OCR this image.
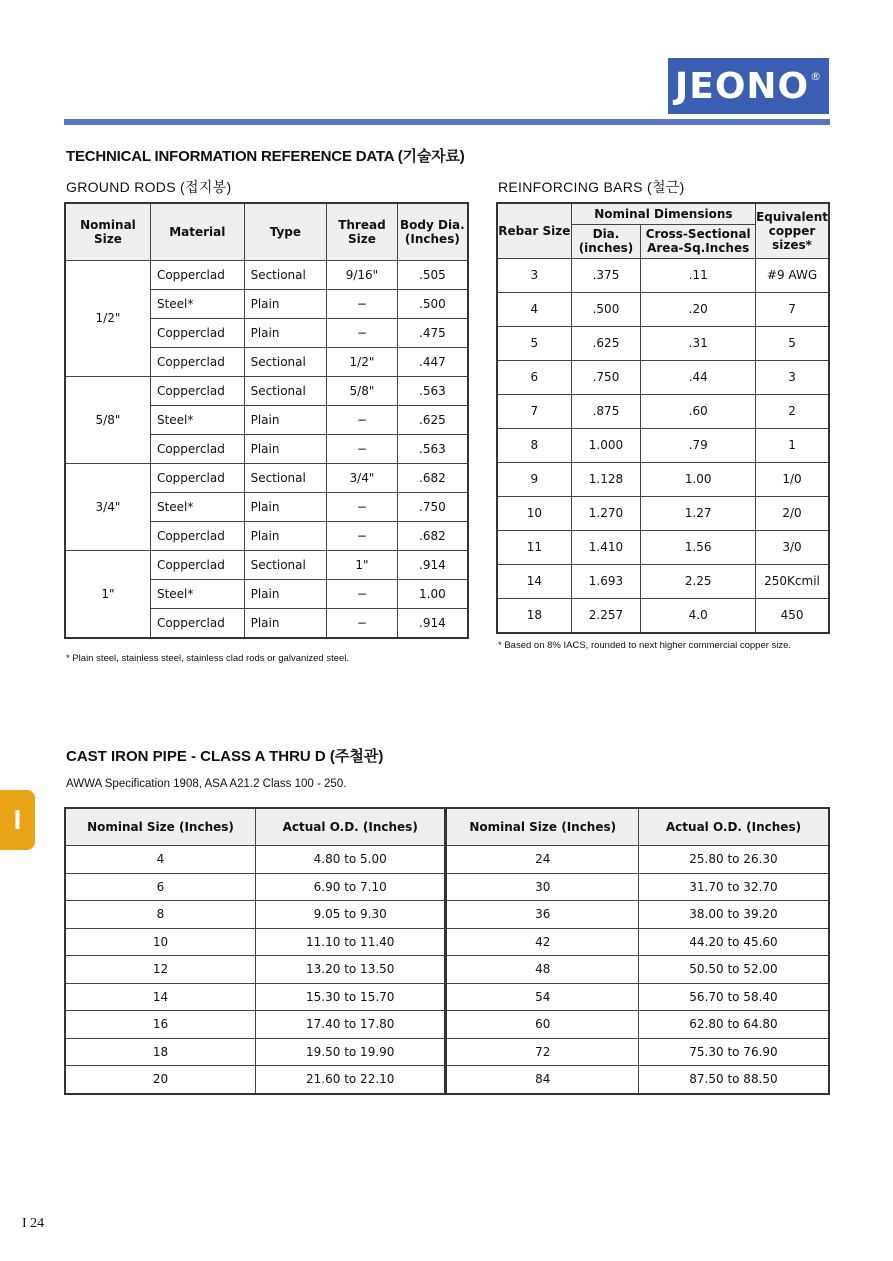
JEONO®
TECHNICAL INFORMATION REFERENCE DATA (기술자료)
GROUND RODS (접지봉)	REINFORCING BARS (철근)
Nominal Size	Material	Type	Thread Size	Body Dia. (Inches)
1/2"	Copperclad	Sectional	9/16"	.505
	Steel*	Plain	−	.500
	Copperclad	Plain	−	.475
	Copperclad	Sectional	1/2"	.447
5/8"	Copperclad	Sectional	5/8"	.563
	Steel*	Plain	−	.625
	Copperclad	Plain	−	.563
3/4"	Copperclad	Sectional	3/4"	.682
	Steel*	Plain	−	.750
	Copperclad	Plain	−	.682
1"	Copperclad	Sectional	1"	.914
	Steel*	Plain	−	1.00
	Copperclad	Plain	−	.914
* Plain steel, stainless steel, stainless clad rods or galvanized steel.
Rebar Size	Nominal Dimensions		Equivalent copper sizes*
	Dia. (inches)	Cross-Sectional Area-Sq.Inches	
3	.375	.11	#9 AWG
4	.500	.20	7
5	.625	.31	5
6	.750	.44	3
7	.875	.60	2
8	1.000	.79	1
9	1.128	1.00	1/0
10	1.270	1.27	2/0
11	1.410	1.56	3/0
14	1.693	2.25	250Kcmil
18	2.257	4.0	450
* Based on 8% IACS, rounded to next higher commercial copper size.
CAST IRON PIPE - CLASS A THRU D (주철관)
AWWA Specification 1908, ASA A21.2 Class 100 - 250.
Nominal Size (Inches)	Actual O.D. (Inches)	Nominal Size (Inches)	Actual O.D. (Inches)
4	4.80 to 5.00	24	25.80 to 26.30
6	6.90 to 7.10	30	31.70 to 32.70
8	9.05 to 9.30	36	38.00 to 39.20
10	11.10 to 11.40	42	44.20 to 45.60
12	13.20 to 13.50	48	50.50 to 52.00
14	15.30 to 15.70	54	56.70 to 58.40
16	17.40 to 17.80	60	62.80 to 64.80
18	19.50 to 19.90	72	75.30 to 76.90
20	21.60 to 22.10	84	87.50 to 88.50
I
I 24
